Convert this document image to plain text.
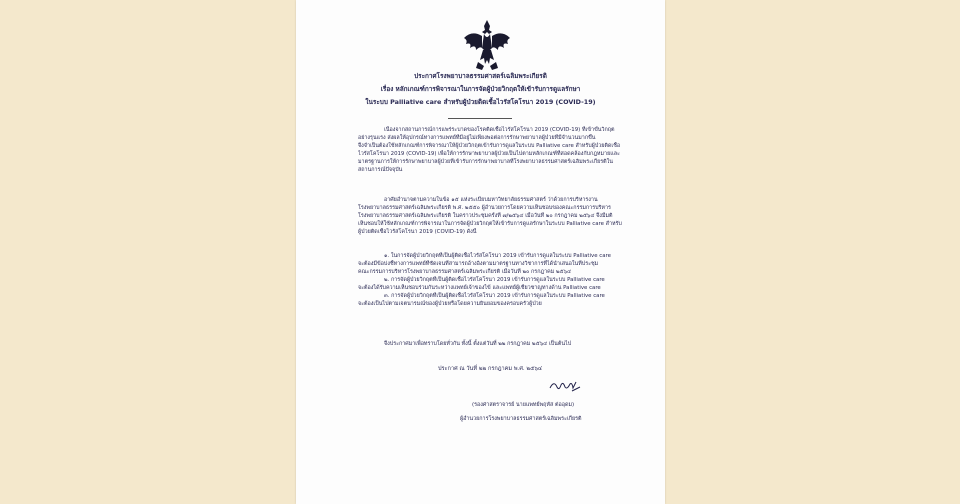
ประกาศโรงพยาบาลธรรมศาสตร์เฉลิมพระเกียรติ
เรื่อง หลักเกณฑ์การพิจารณาในการจัดผู้ป่วยวิกฤตให้เข้ารับการดูแลรักษา
ในระบบ Palliative care สำหรับผู้ป่วยติดเชื้อไวรัสโคโรนา 2019 (COVID-19)
เนื่องจากสถานการณ์การแพร่ระบาดของโรคติดเชื้อไวรัสโคโรนา 2019 (COVID-19) ที่เข้าขั้นวิกฤต
อย่างรุนแรง ส่งผลให้อุปกรณ์ทางการแพทย์ที่มีอยู่ไม่เพียงพอต่อการรักษาพยาบาลผู้ป่วยที่มีจำนวนมากขึ้น
จึงจำเป็นต้องใช้หลักเกณฑ์การพิจารณาให้ผู้ป่วยวิกฤตเข้ารับการดูแลในระบบ Palliative care สำหรับผู้ป่วยติดเชื้อ
ไวรัสโคโรนา 2019 (COVID-19) เพื่อให้การรักษาพยาบาลผู้ป่วยเป็นไปตามหลักเกณฑ์ที่สอดคล้องกับกฎหมายและ
มาตรฐานการให้การรักษาพยาบาลผู้ป่วยที่เข้ารับการรักษาพยาบาลที่โรงพยาบาลธรรมศาสตร์เฉลิมพระเกียรติใน
สถานการณ์ปัจจุบัน
อาศัยอำนาจตามความในข้อ ๑๕ แห่งระเบียบมหาวิทยาลัยธรรมศาสตร์ ว่าด้วยการบริหารงาน
โรงพยาบาลธรรมศาสตร์เฉลิมพระเกียรติ พ.ศ. ๒๕๕๐ ผู้อำนวยการโดยความเห็นชอบของคณะกรรมการบริหาร
โรงพยาบาลธรรมศาสตร์เฉลิมพระเกียรติ ในคราวประชุมครั้งที่ ๗/๒๕๖๔ เมื่อวันที่ ๒๐ กรกฎาคม ๒๕๖๔ จึงมีมติ
เห็นชอบให้ใช้หลักเกณฑ์การพิจารณาในการจัดผู้ป่วยวิกฤตให้เข้ารับการดูแลรักษาในระบบ Palliative care สำหรับ
ผู้ป่วยติดเชื้อไวรัสโคโรนา 2019 (COVID-19) ดังนี้
๑. ในการจัดผู้ป่วยวิกฤตที่เป็นผู้ติดเชื้อไวรัสโคโรนา 2019 เข้ารับการดูแลในระบบ Palliative care
จะต้องมีข้อบ่งชี้ทางการแพทย์ที่ชัดเจนที่สามารถอ้างอิงตามมาตรฐานทางวิชาการที่ได้นำเสนอในที่ประชุม
คณะกรรมการบริหารโรงพยาบาลธรรมศาสตร์เฉลิมพระเกียรติ เมื่อวันที่ ๒๐ กรกฎาคม ๒๕๖๔
๒. การจัดผู้ป่วยวิกฤตที่เป็นผู้ติดเชื้อไวรัสโคโรนา 2019 เข้ารับการดูแลในระบบ Palliative care
จะต้องได้รับความเห็นชอบร่วมกันระหว่างแพทย์เจ้าของไข้ และแพทย์ผู้เชี่ยวชาญทางด้าน Palliative care
๓. การจัดผู้ป่วยวิกฤตที่เป็นผู้ติดเชื้อไวรัสโคโรนา 2019 เข้ารับการดูแลในระบบ Palliative care
จะต้องเป็นไปตามเจตนารมณ์ของผู้ป่วยหรือโดยความยินยอมของครอบครัวผู้ป่วย
จึงประกาศมาเพื่อทราบโดยทั่วกัน ทั้งนี้ ตั้งแต่วันที่ ๒๒ กรกฎาคม ๒๕๖๔ เป็นต้นไป
ประกาศ ณ วันที่ ๒๒ กรกฎาคม พ.ศ. ๒๕๖๔
(รองศาสตราจารย์ นายแพทย์พฤหัส ต่ออุดม)
ผู้อำนวยการโรงพยาบาลธรรมศาสตร์เฉลิมพระเกียรติ
